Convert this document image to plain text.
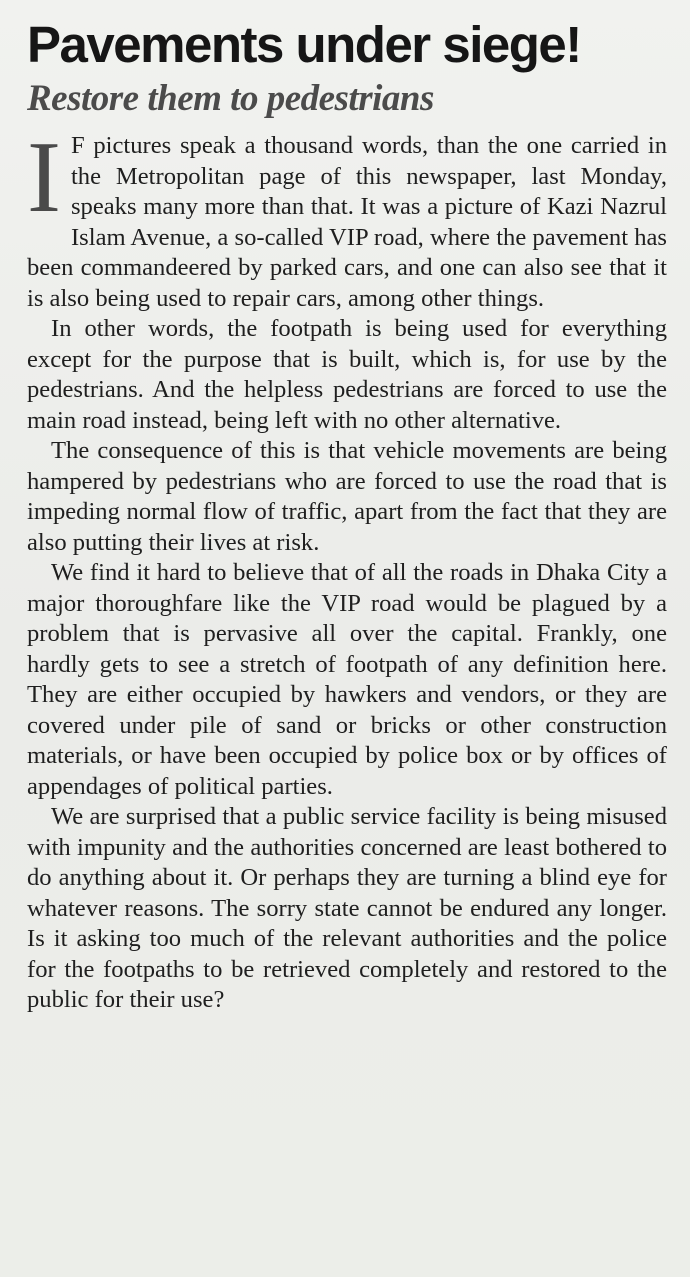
Pavements under siege!
Restore them to pedestrians

I F pictures speak a thousand words, than the one carried in the Metropolitan page of this newspaper, last Monday, speaks many more than that. It was a picture of Kazi Nazrul Islam Avenue, a so-called VIP road, where the pavement has been commandeered by parked cars, and one can also see that it is also being used to repair cars, among other things.

In other words, the footpath is being used for everything except for the purpose that is built, which is, for use by the pedestrians. And the helpless pedestrians are forced to use the main road instead, being left with no other alternative.

The consequence of this is that vehicle movements are being hampered by pedestrians who are forced to use the road that is impeding normal flow of traffic, apart from the fact that they are also putting their lives at risk.

We find it hard to believe that of all the roads in Dhaka City a major thoroughfare like the VIP road would be plagued by a problem that is pervasive all over the capital. Frankly, one hardly gets to see a stretch of footpath of any definition here. They are either occupied by hawkers and vendors, or they are covered under pile of sand or bricks or other construction materials, or have been occupied by police box or by offices of appendages of political parties.

We are surprised that a public service facility is being misused with impunity and the authorities concerned are least bothered to do anything about it. Or perhaps they are turning a blind eye for whatever reasons. The sorry state cannot be endured any longer. Is it asking too much of the relevant authorities and the police for the footpaths to be retrieved completely and restored to the public for their use?
